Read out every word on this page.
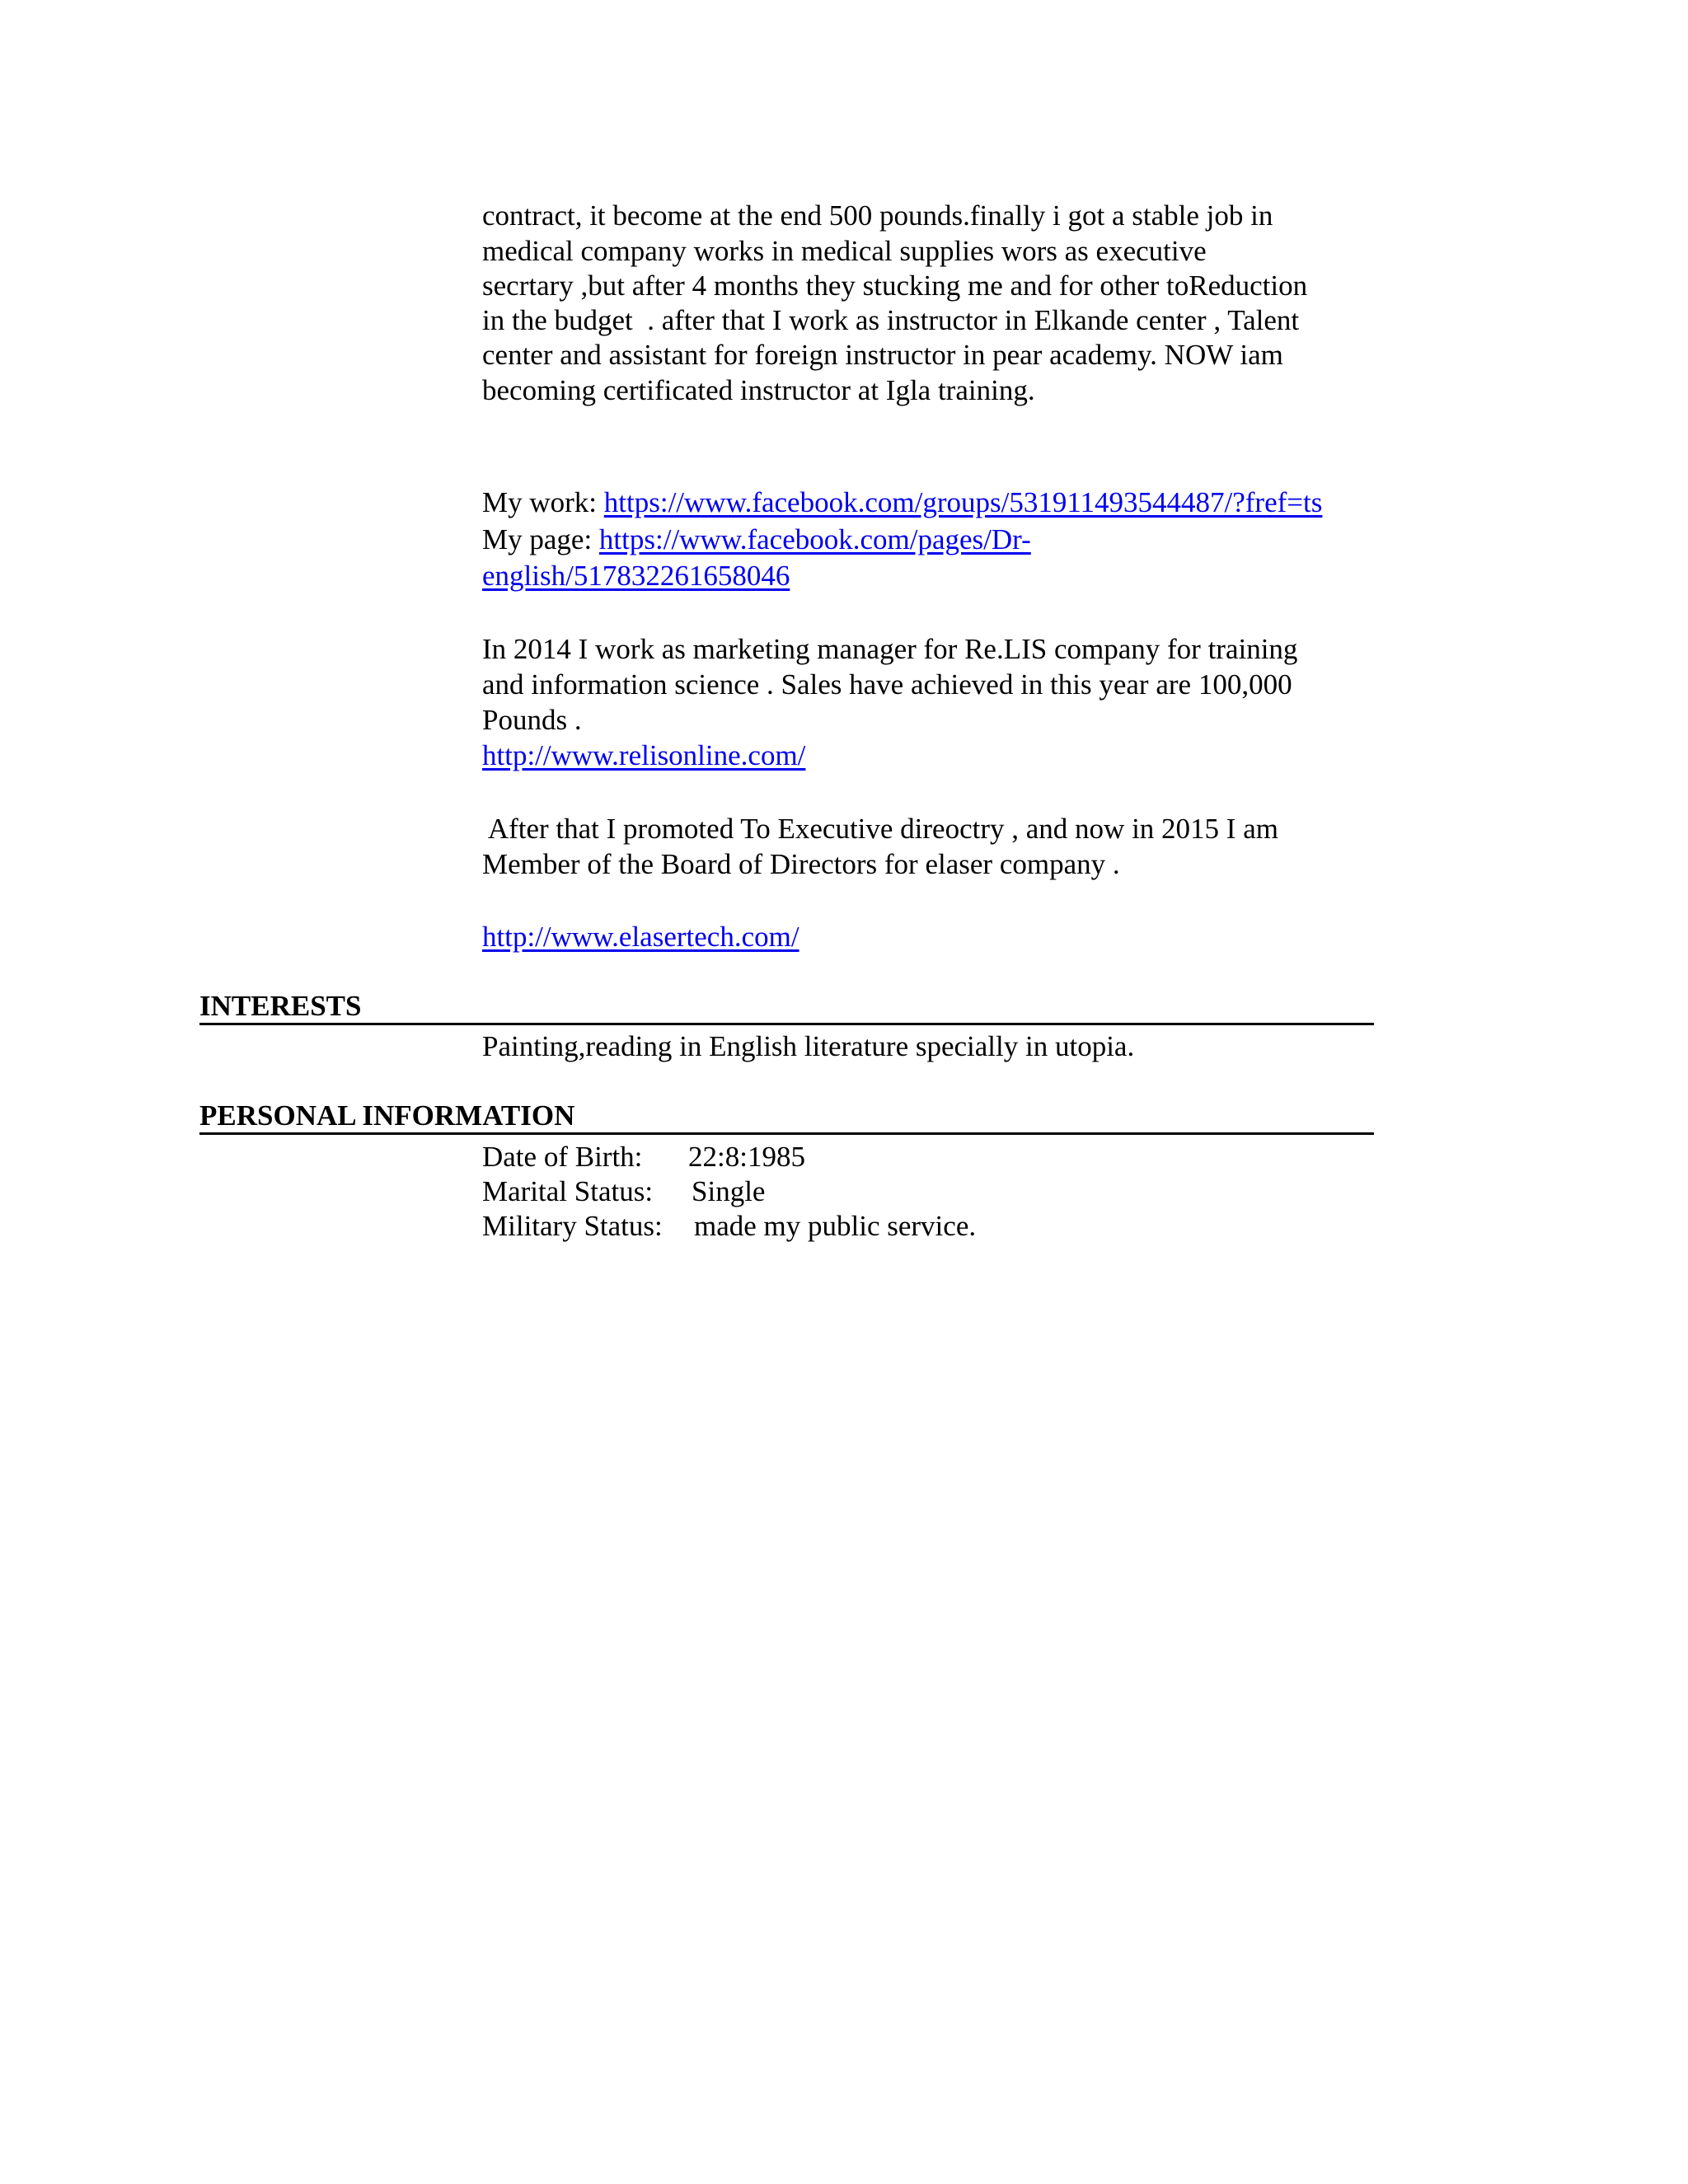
contract, it become at the end 500 pounds.finally i got a stable job in

medical company works in medical supplies wors as executive

secrtary ,but after 4 months they stucking me and for other toReduction

in the budget  . after that I work as instructor in Elkande center , Talent

center and assistant for foreign instructor in pear academy. NOW iam

becoming certificated instructor at Igla training.

My work: https://www.facebook.com/groups/531911493544487/?fref=ts

My page: https://www.facebook.com/pages/Dr-

english/517832261658046

In 2014 I work as marketing manager for Re.LIS company for training

and information science . Sales have achieved in this year are 100,000

Pounds .

http://www.relisonline.com/

After that I promoted To Executive direoctry , and now in 2015 I am

Member of the Board of Directors for elaser company .

http://www.elasertech.com/

INTERESTS

Painting,reading in English literature specially in utopia.

PERSONAL INFORMATION

Date of Birth: 22:8:1985

Marital Status: Single

Military Status: made my public service.
